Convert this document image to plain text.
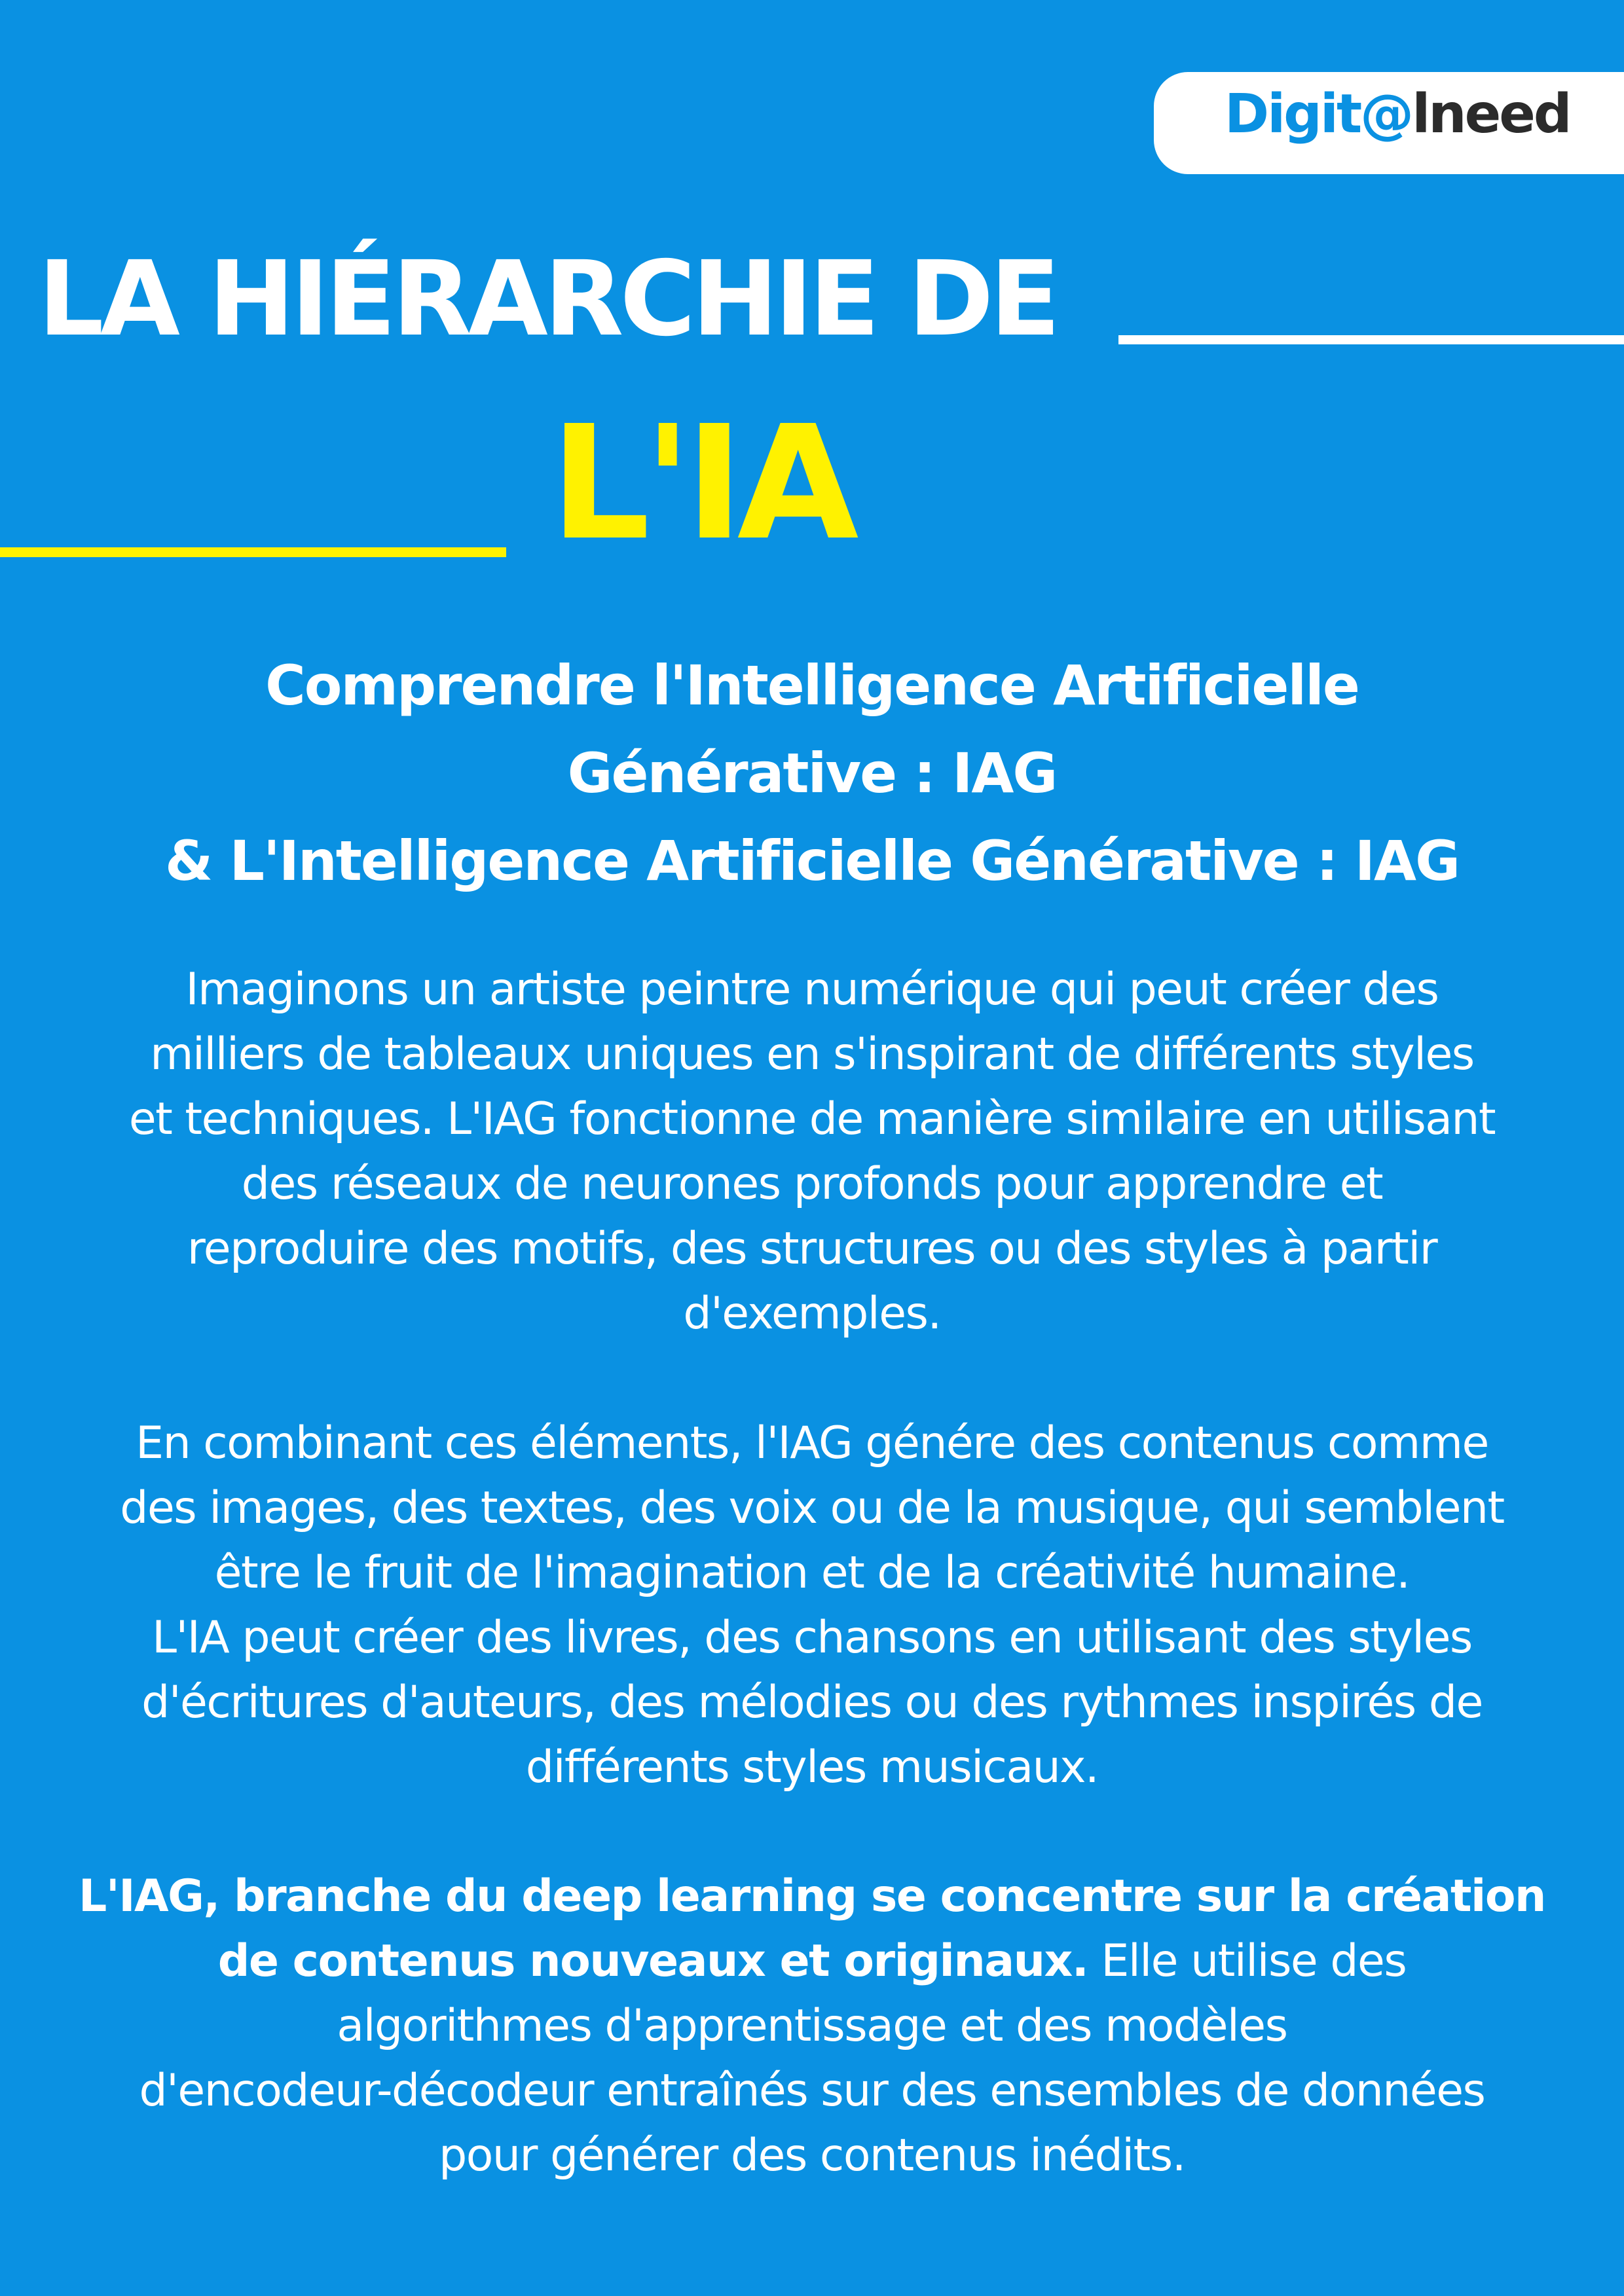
Digit@lneed
LA HIÉRARCHIE DE
L'IA
Comprendre l'Intelligence Artificielle
Générative : IAG
& L'Intelligence Artificielle Générative : IAG
Imaginons un artiste peintre numérique qui peut créer des
milliers de tableaux uniques en s'inspirant de différents styles
et techniques. L'IAG fonctionne de manière similaire en utilisant
des réseaux de neurones profonds pour apprendre et
reproduire des motifs, des structures ou des styles à partir
d'exemples.
En combinant ces éléments, l'IAG génére des contenus comme
des images, des textes, des voix ou de la musique, qui semblent
être le fruit de l'imagination et de la créativité humaine.
L'IA peut créer des livres, des chansons en utilisant des styles
d'écritures d'auteurs, des mélodies ou des rythmes inspirés de
différents styles musicaux.
L'IAG, branche du deep learning se concentre sur la création
de contenus nouveaux et originaux. Elle utilise des
algorithmes d'apprentissage et des modèles
d'encodeur-décodeur entraînés sur des ensembles de données
pour générer des contenus inédits.
